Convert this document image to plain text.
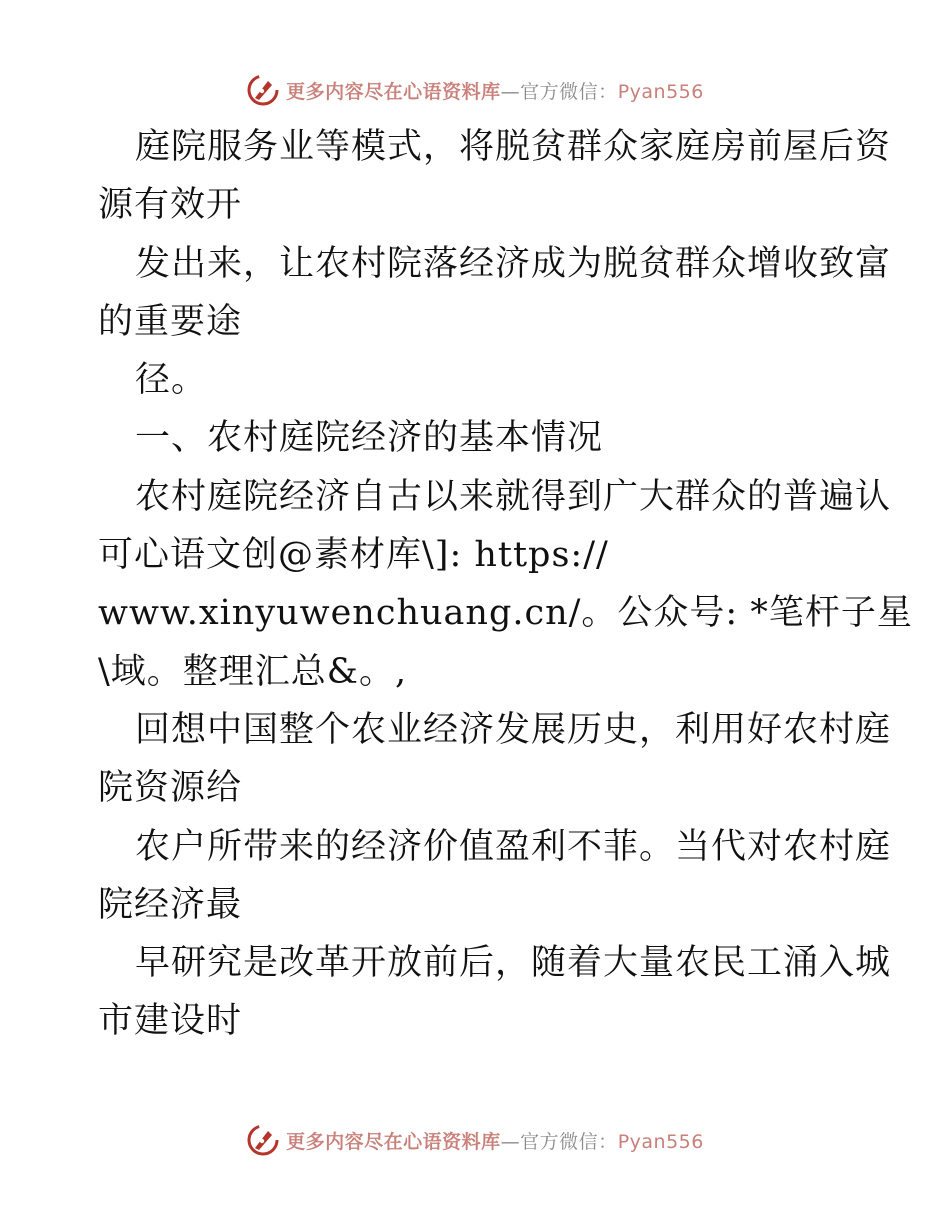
更多内容尽在心语资料库—官方微信：Pyan556
庭院服务业等模式，将脱贫群众家庭房前屋后资
源有效开
发出来，让农村院落经济成为脱贫群众增收致富
的重要途
径。
一、农村庭院经济的基本情况
农村庭院经济自古以来就得到广大群众的普遍认
可心语文创@素材库\]: https://
www.xinyuwenchuang.cn/。公众号: *笔杆子星
\域。整理汇总&。,
回想中国整个农业经济发展历史，利用好农村庭
院资源给
农户所带来的经济价值盈利不菲。当代对农村庭
院经济最
早研究是改革开放前后，随着大量农民工涌入城
市建设时
更多内容尽在心语资料库—官方微信：Pyan556
